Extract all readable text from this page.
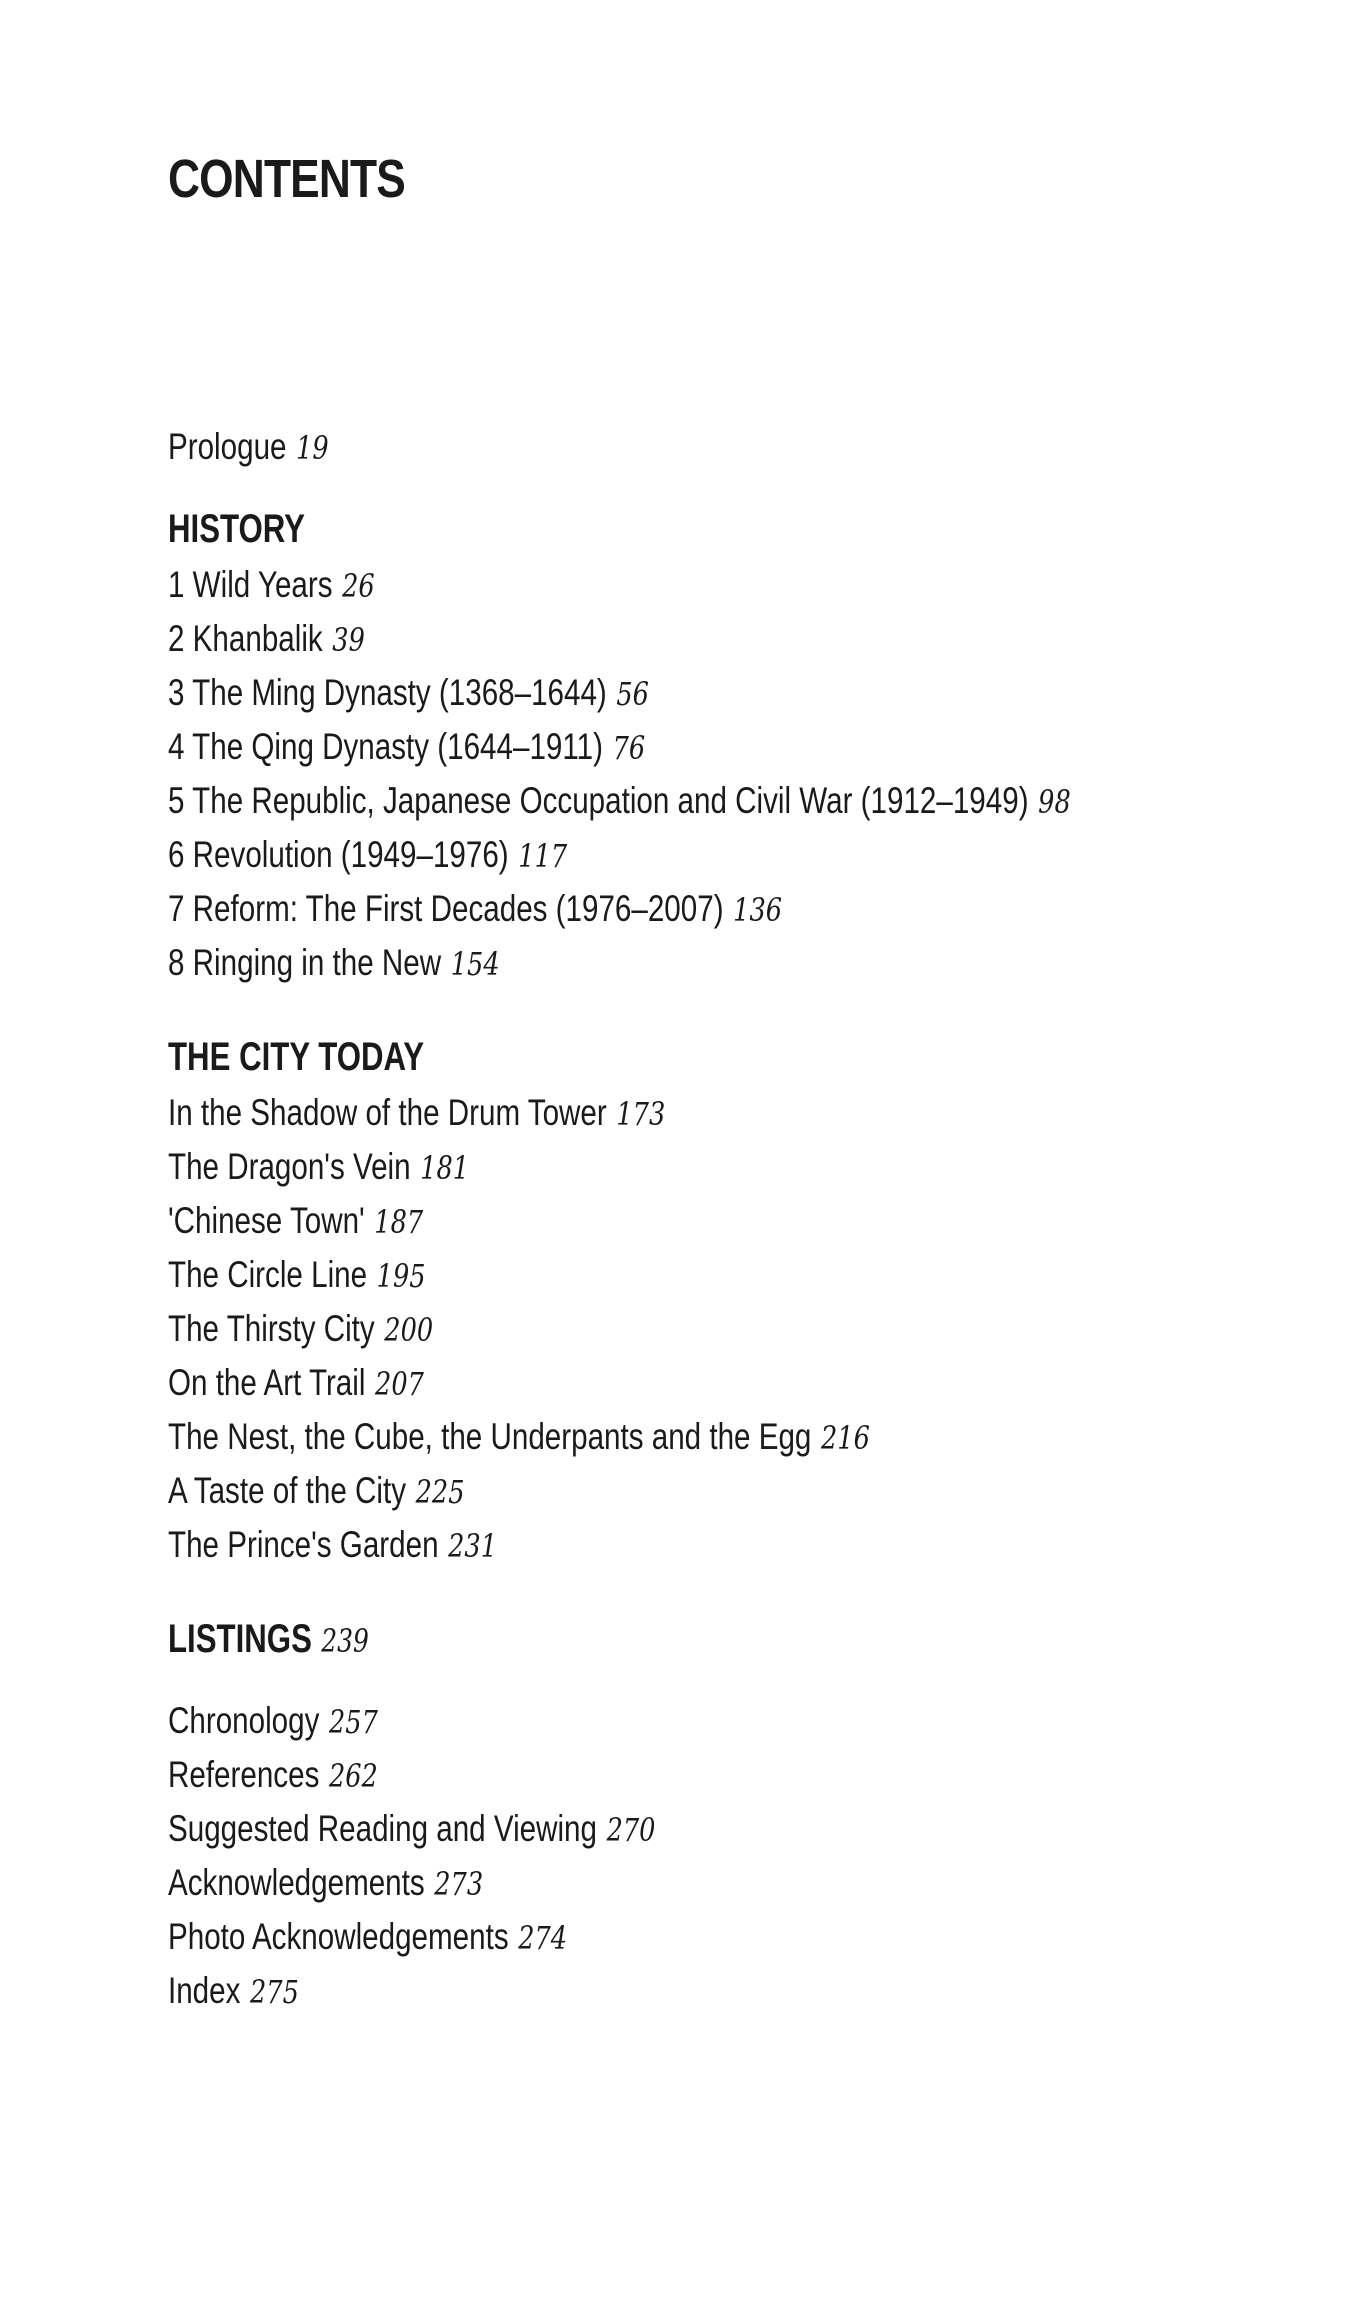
CONTENTS
Prologue 19
HISTORY
1 Wild Years 26
2 Khanbalik 39
3 The Ming Dynasty (1368–1644) 56
4 The Qing Dynasty (1644–1911) 76
5 The Republic, Japanese Occupation and Civil War (1912–1949) 98
6 Revolution (1949–1976) 117
7 Reform: The First Decades (1976–2007) 136
8 Ringing in the New 154
THE CITY TODAY
In the Shadow of the Drum Tower 173
The Dragon's Vein 181
'Chinese Town' 187
The Circle Line 195
The Thirsty City 200
On the Art Trail 207
The Nest, the Cube, the Underpants and the Egg 216
A Taste of the City 225
The Prince's Garden 231
LISTINGS 239
Chronology 257
References 262
Suggested Reading and Viewing 270
Acknowledgements 273
Photo Acknowledgements 274
Index 275
